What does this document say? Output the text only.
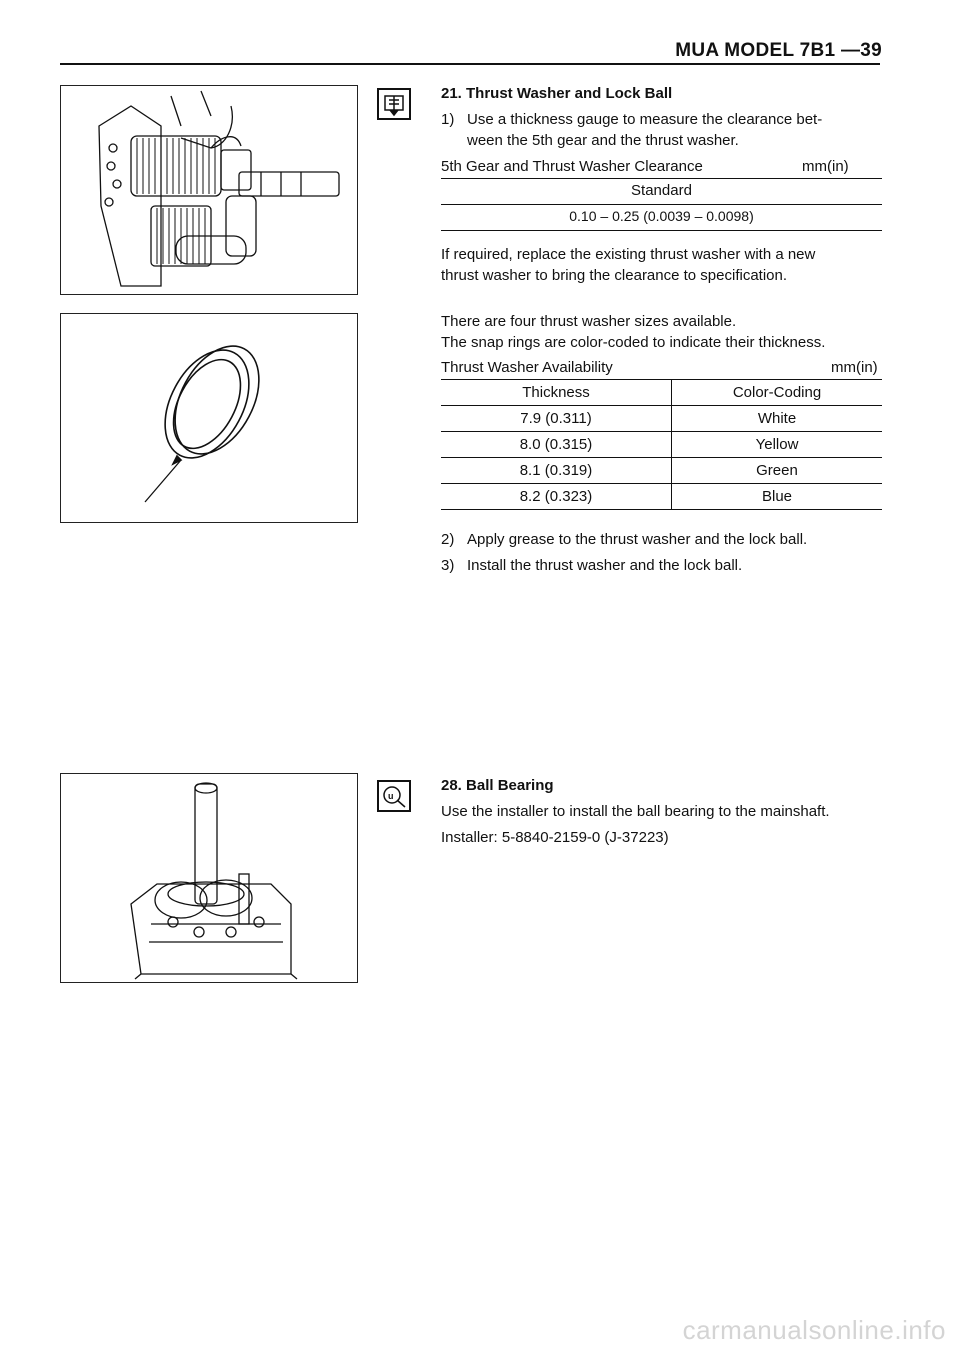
MUA MODEL 7B1 —39
u
21. Thrust Washer and Lock Ball
1) Use a thickness gauge to measure the clearance bet-
ween the 5th gear and the thrust washer.
5th Gear and Thrust Washer Clearance	mm(in)
Standard
0.10 – 0.25 (0.0039 – 0.0098)
If required, replace the existing thrust washer with a new
thrust washer to bring the clearance to specification.
There are four thrust washer sizes available.
The snap rings are color-coded to indicate their thickness.
Thrust Washer Availability	mm(in)
Thickness	Color-Coding
7.9 (0.311)	White
8.0 (0.315)	Yellow
8.1 (0.319)	Green
8.2 (0.323)	Blue
2) Apply grease to the thrust washer and the lock ball.
3) Install the thrust washer and the lock ball.
28. Ball Bearing
Use the installer to install the ball bearing to the mainshaft.
Installer: 5-8840-2159-0 (J-37223)
carmanualsonline.info
